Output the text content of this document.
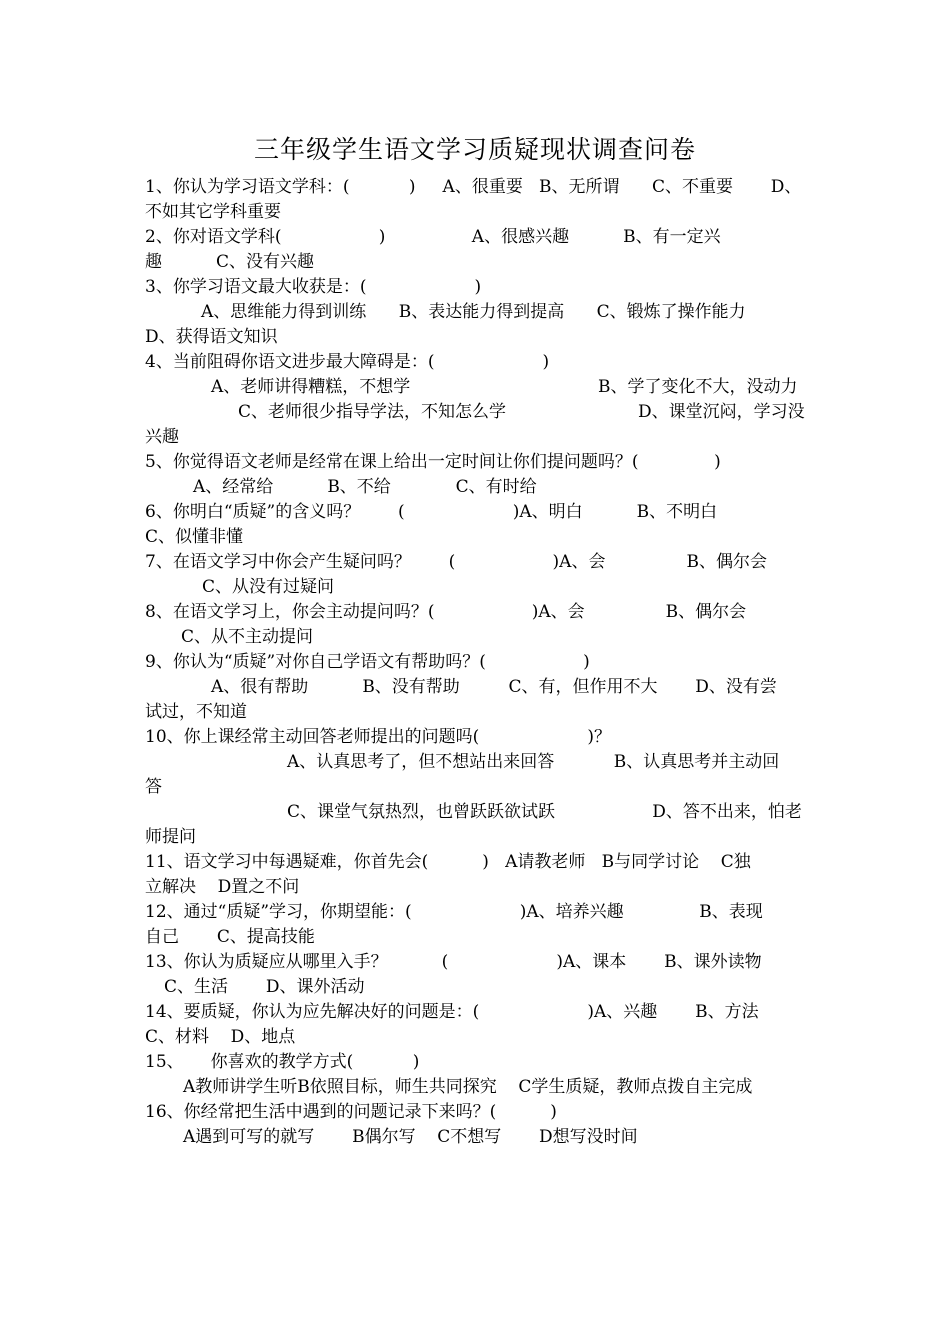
三年级学生语文学习质疑现状调查问卷
1、你认为学习语文学科：(           )     A、很重要   B、无所谓      C、不重要       D、
不如其它学科重要
2、你对语文学科(                  )                A、很感兴趣          B、有一定兴
趣          C、没有兴趣
3、你学习语文最大收获是：(                    )
A、思维能力得到训练      B、表达能力得到提高      C、锻炼了操作能力
D、获得语文知识
4、当前阻碍你语文进步最大障碍是：(                    )
A、老师讲得糟糕，不想学	B、学了变化不大，没动力
C、老师很少指导学法，不知怎么学	D、课堂沉闷，学习没
兴趣
5、你觉得语文老师是经常在课上给出一定时间让你们提问题吗？(              )
A、经常给          B、不给            C、有时给
6、你明白“质疑”的含义吗？       (                    )A、明白          B、不明白
C、似懂非懂
7、在语文学习中你会产生疑问吗？       (                  )A、会               B、偶尔会
C、从没有过疑问
8、在语文学习上，你会主动提问吗？(                  )A、会               B、偶尔会
C、从不主动提问
9、你认为“质疑”对你自己学语文有帮助吗？(                  )
A、很有帮助          B、没有帮助         C、有，但作用不大       D、没有尝
试过，不知道
10、你上课经常主动回答老师提出的问题吗(                    )？
A、认真思考了，但不想站出来回答           B、认真思考并主动回
答
C、课堂气氛热烈，也曾跃跃欲试跃                  D、答不出来，怕老
师提问
11、语文学习中每遇疑难，你首先会(          )   A请教老师   B与同学讨论    C独
立解决    D置之不问
12、通过“质疑”学习，你期望能：(                    )A、培养兴趣              B、表现
自己       C、提高技能
13、你认为质疑应从哪里入手？          (                    )A、课本       B、课外读物
C、生活       D、课外活动
14、要质疑，你认为应先解决好的问题是：(                    )A、兴趣       B、方法
C、材料    D、地点
15、     你喜欢的教学方式(           )
A教师讲学生听B依照目标，师生共同探究    C学生质疑，教师点拨自主完成
16、你经常把生活中遇到的问题记录下来吗？(          )
A遇到可写的就写       B偶尔写    C不想写       D想写没时间
